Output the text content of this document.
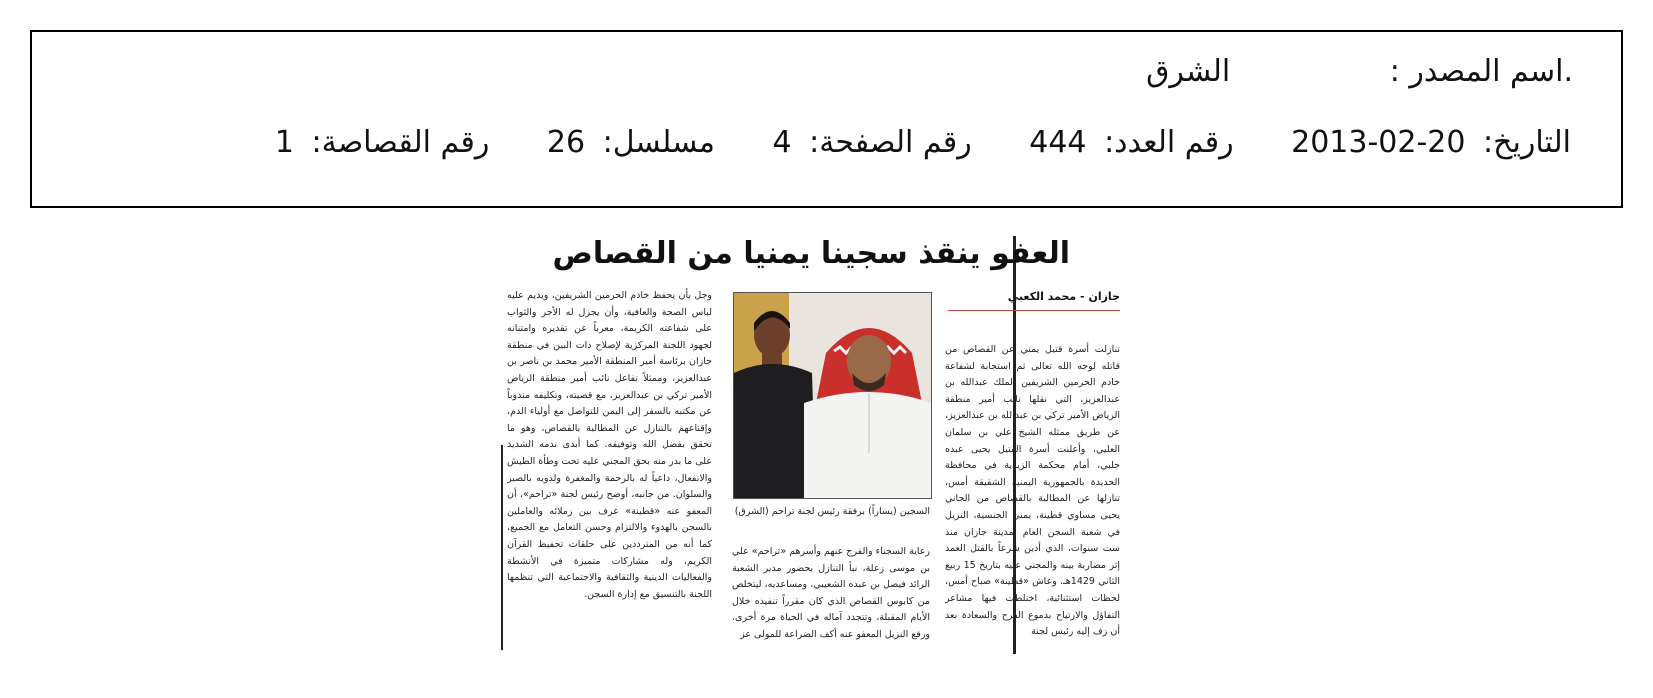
.اسم المصدر : الشرق
التاريخ: 2013-02-20 رقم العدد: 444 رقم الصفحة: 4 مسلسل: 26 رقم القصاصة: 1
العفو ينقذ سجينا يمنيا من القصاص
جازان - محمد الكعبي
تنازلت أسرة قتيل يمني عن القصاص من قاتله لوجه الله تعالى ثم استجابة لشفاعة خادم الحرمين الشريفين الملك عبدالله بن عبدالعزيز، التي نقلها نائب أمير منطقة الرياض الأمير تركي بن عبدالله بن عبدالعزيز، عن طريق ممثله الشيخ علي بن سلمان العليي، وأعلنت أسرة القتيل يحيى عبده جلبي، أمام محكمة الزيدية في محافظة الحديدة بالجمهورية اليمنية الشقيقة أمس، تنازلها عن المطالبة بالقصاص من الجاني يحيى مساوي قطينة، يمني الجنسية، النزيل في شعبة السجن العام بمدينة جازان منذ ست سنوات، الذي أدين شرعاً بالقتل العمد إثر مضاربة بينه والمجني عليه بتاريخ 15 ربيع الثاني 1429هـ. وعاش «قطينة» صباح أمس، لحظات استثنائية، اختلطت فيها مشاعر التفاؤل والارتياح بدموع الفرح والسعادة بعد أن زف إليه رئيس لجنة
السجين (يساراً) برفقة رئيس لجنة تراحم (الشرق)
رعاية السجناء والفرج عنهم وأسرهم «تراحم» علي بن موسى زعلة، نبأ التنازل بحضور مدير الشعبة الرائد فيصل بن عبده الشعيبي، ومساعديه، ليتخلص من كابوس القصاص الذي كان مقرراً تنفيذه خلال الأيام المقبلة، وتتجدد آماله في الحياة مرة أخرى. ورفع النزيل المعفو عنه أكف الضراعة للمولى عز
وجل بأن يحفظ خادم الحرمين الشريفين، ويديم عليه لباس الصحة والعافية، وأن يجزل له الأجر والثواب على شفاعته الكريمة، معرباً عن تقديره وامتنانه لجهود اللجنة المركزية لإصلاح ذات البين في منطقة جازان برئاسة أمير المنطقة الأمير محمد بن ناصر بن عبدالعزيز، وممثلاً تفاعل نائب أمير منطقة الرياض الأمير تركي بن عبدالعزيز، مع قضيته، وتكليفه مندوباً عن مكتبه بالسفر إلى اليمن للتواصل مع أولياء الدم، وإقناعهم بالتنازل عن المطالبة بالقصاص، وهو ما تحقق بفضل الله وتوفيقه. كما أبدى ندمه الشديد على ما بدر منه بحق المجني عليه تحت وطأة الطيش والانفعال، داعياً له بالرحمة والمغفرة ولذويه بالصبر والسلوان. من جانبه، أوضح رئيس لجنة «تراحم»، أن المعفو عنه «قطينة» عرف بين زملائه والعاملين بالسجن بالهدوء والالتزام وحسن التعامل مع الجميع، كما أنه من المترددين على حلقات تحفيظ القرآن الكريم، وله مشاركات متميزة في الأنشطة والفعاليات الدينية والثقافية والاجتماعية التي تنظمها اللجنة بالتنسيق مع إدارة السجن.
